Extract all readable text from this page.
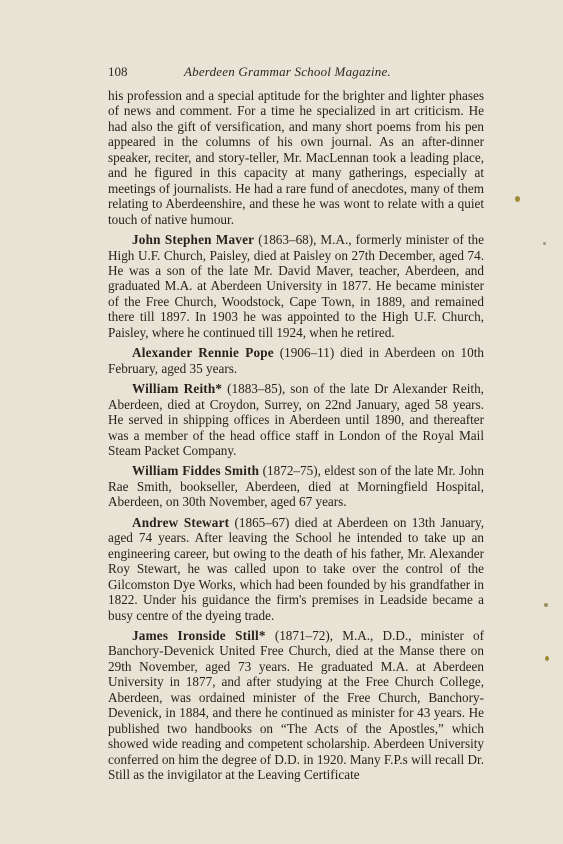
108	Aberdeen Grammar School Magazine.

his profession and a special aptitude for the brighter and lighter phases of news and comment. For a time he specialized in art criticism. He had also the gift of versification, and many short poems from his pen appeared in the columns of his own journal. As an after-dinner speaker, reciter, and story-teller, Mr. MacLennan took a leading place, and he figured in this capacity at many gatherings, especially at meetings of journalists. He had a rare fund of anecdotes, many of them relating to Aberdeenshire, and these he was wont to relate with a quiet touch of native humour.

John Stephen Maver (1863–68), M.A., formerly minister of the High U.F. Church, Paisley, died at Paisley on 27th December, aged 74. He was a son of the late Mr. David Maver, teacher, Aberdeen, and graduated M.A. at Aberdeen University in 1877. He became minister of the Free Church, Woodstock, Cape Town, in 1889, and remained there till 1897. In 1903 he was appointed to the High U.F. Church, Paisley, where he continued till 1924, when he retired.

Alexander Rennie Pope (1906–11) died in Aberdeen on 10th February, aged 35 years.

William Reith* (1883–85), son of the late Dr Alexander Reith, Aberdeen, died at Croydon, Surrey, on 22nd January, aged 58 years. He served in shipping offices in Aberdeen until 1890, and thereafter was a member of the head office staff in London of the Royal Mail Steam Packet Company.

William Fiddes Smith (1872–75), eldest son of the late Mr. John Rae Smith, bookseller, Aberdeen, died at Morningfield Hospital, Aberdeen, on 30th November, aged 67 years.

Andrew Stewart (1865–67) died at Aberdeen on 13th January, aged 74 years. After leaving the School he intended to take up an engineering career, but owing to the death of his father, Mr. Alexander Roy Stewart, he was called upon to take over the control of the Gilcomston Dye Works, which had been founded by his grandfather in 1822. Under his guidance the firm's premises in Leadside became a busy centre of the dyeing trade.

James Ironside Still* (1871–72), M.A., D.D., minister of Banchory-Devenick United Free Church, died at the Manse there on 29th November, aged 73 years. He graduated M.A. at Aberdeen University in 1877, and after studying at the Free Church College, Aberdeen, was ordained minister of the Free Church, Banchory-Devenick, in 1884, and there he continued as minister for 43 years. He published two handbooks on “The Acts of the Apostles,” which showed wide reading and competent scholarship. Aberdeen University conferred on him the degree of D.D. in 1920. Many F.P.s will recall Dr. Still as the invigilator at the Leaving Certificate
